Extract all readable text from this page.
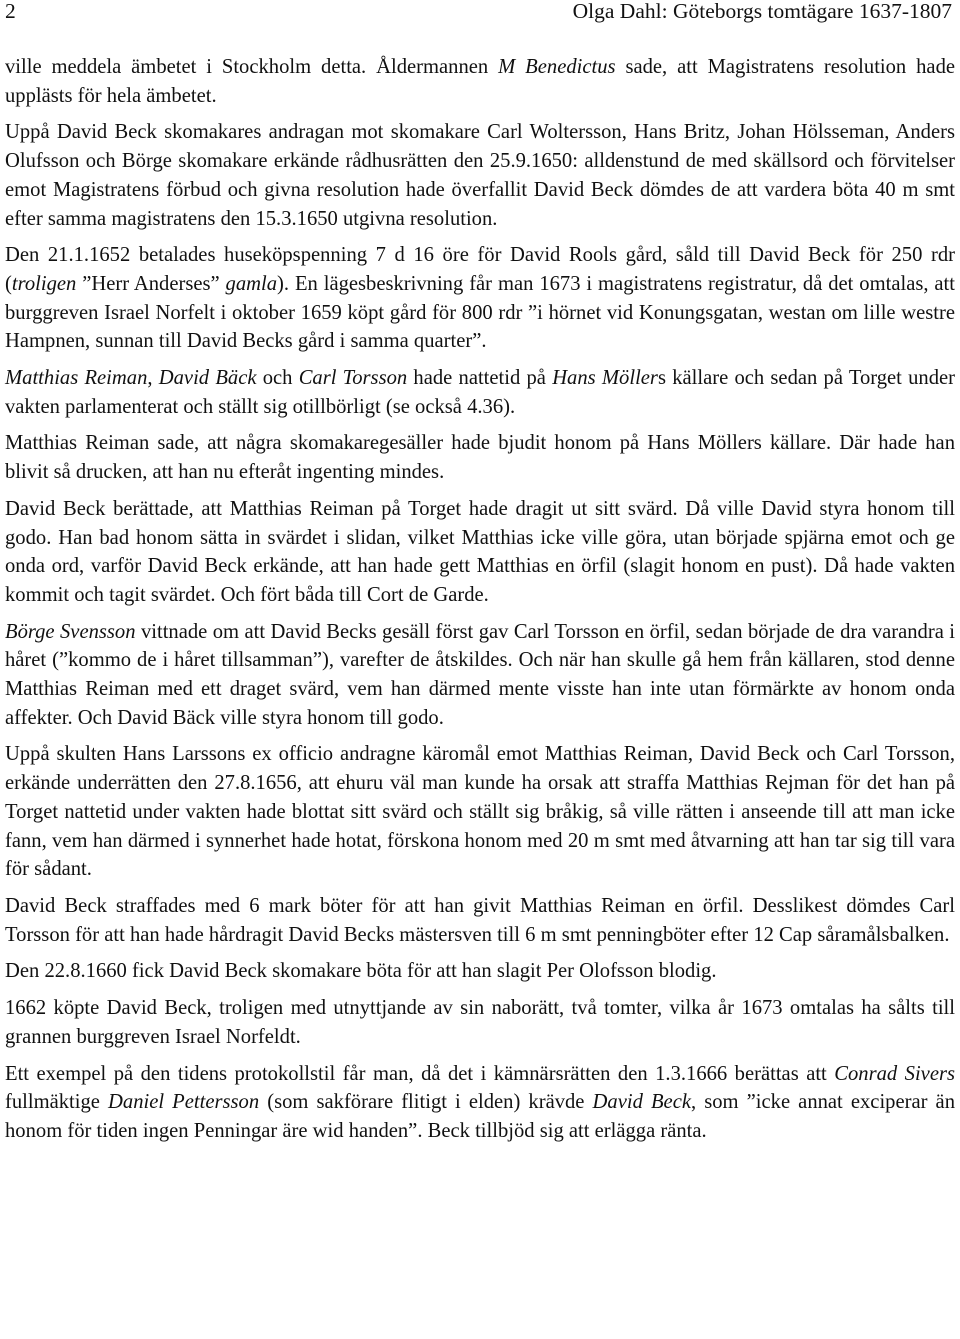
2	Olga Dahl: Göteborgs tomtägare 1637-1807

ville meddela ämbetet i Stockholm detta. Åldermannen M Benedictus sade, att Magistratens resolution hade upplästs för hela ämbetet.

Uppå David Beck skomakares andragan mot skomakare Carl Woltersson, Hans Britz, Johan Hölsseman, Anders Olufsson och Börge skomakare erkände rådhusrätten den 25.9.1650: alldenstund de med skällsord och förvitelser emot Magistratens förbud och givna resolution hade överfallit David Beck dömdes de att vardera böta 40 m smt efter samma magistratens den 15.3.1650 utgivna resolution.

Den 21.1.1652 betalades huseköpspenning 7 d 16 öre för David Rools gård, såld till David Beck för 250 rdr (troligen ”Herr Anderses” gamla). En lägesbeskrivning får man 1673 i magistratens registratur, då det omtalas, att burggreven Israel Norfelt i oktober 1659 köpt gård för 800 rdr ”i hörnet vid Konungsgatan, westan om lille westre Hampnen, sunnan till David Becks gård i samma quarter”.

Matthias Reiman, David Bäck och Carl Torsson hade nattetid på Hans Möllers källare och sedan på Torget under vakten parlamenterat och ställt sig otillbörligt (se också 4.36).

Matthias Reiman sade, att några skomakaregesäller hade bjudit honom på Hans Möllers källare. Där hade han blivit så drucken, att han nu efteråt ingenting mindes.

David Beck berättade, att Matthias Reiman på Torget hade dragit ut sitt svärd. Då ville David styra honom till godo. Han bad honom sätta in svärdet i slidan, vilket Matthias icke ville göra, utan började spjärna emot och ge onda ord, varför David Beck erkände, att han hade gett Matthias en örfil (slagit honom en pust). Då hade vakten kommit och tagit svärdet. Och fört båda till Cort de Garde.

Börge Svensson vittnade om att David Becks gesäll först gav Carl Torsson en örfil, sedan började de dra varandra i håret (”kommo de i håret tillsamman”), varefter de åtskildes. Och när han skulle gå hem från källaren, stod denne Matthias Reiman med ett draget svärd, vem han därmed mente visste han inte utan förmärkte av honom onda affekter. Och David Bäck ville styra honom till godo.

Uppå skulten Hans Larssons ex officio andragne käromål emot Matthias Reiman, David Beck och Carl Torsson, erkände underrätten den 27.8.1656, att ehuru väl man kunde ha orsak att straffa Matthias Rejman för det han på Torget nattetid under vakten hade blottat sitt svärd och ställt sig bråkig, så ville rätten i anseende till att man icke fann, vem han därmed i synnerhet hade hotat, förskona honom med 20 m smt med åtvarning att han tar sig till vara för sådant.

David Beck straffades med 6 mark böter för att han givit Matthias Reiman en örfil. Desslikest dömdes Carl Torsson för att han hade hårdragit David Becks mästersven till 6 m smt penningböter efter 12 Cap såramålsbalken.

Den 22.8.1660 fick David Beck skomakare böta för att han slagit Per Olofsson blodig.

1662 köpte David Beck, troligen med utnyttjande av sin naborätt, två tomter, vilka år 1673 omtalas ha sålts till grannen burggreven Israel Norfeldt.

Ett exempel på den tidens protokollstil får man, då det i kämnärsrätten den 1.3.1666 berättas att Conrad Sivers fullmäktige Daniel Pettersson (som sakförare flitigt i elden) krävde David Beck, som ”icke annat exciperar än honom för tiden ingen Penningar äre wid handen”. Beck tillbjöd sig att erlägga ränta.
